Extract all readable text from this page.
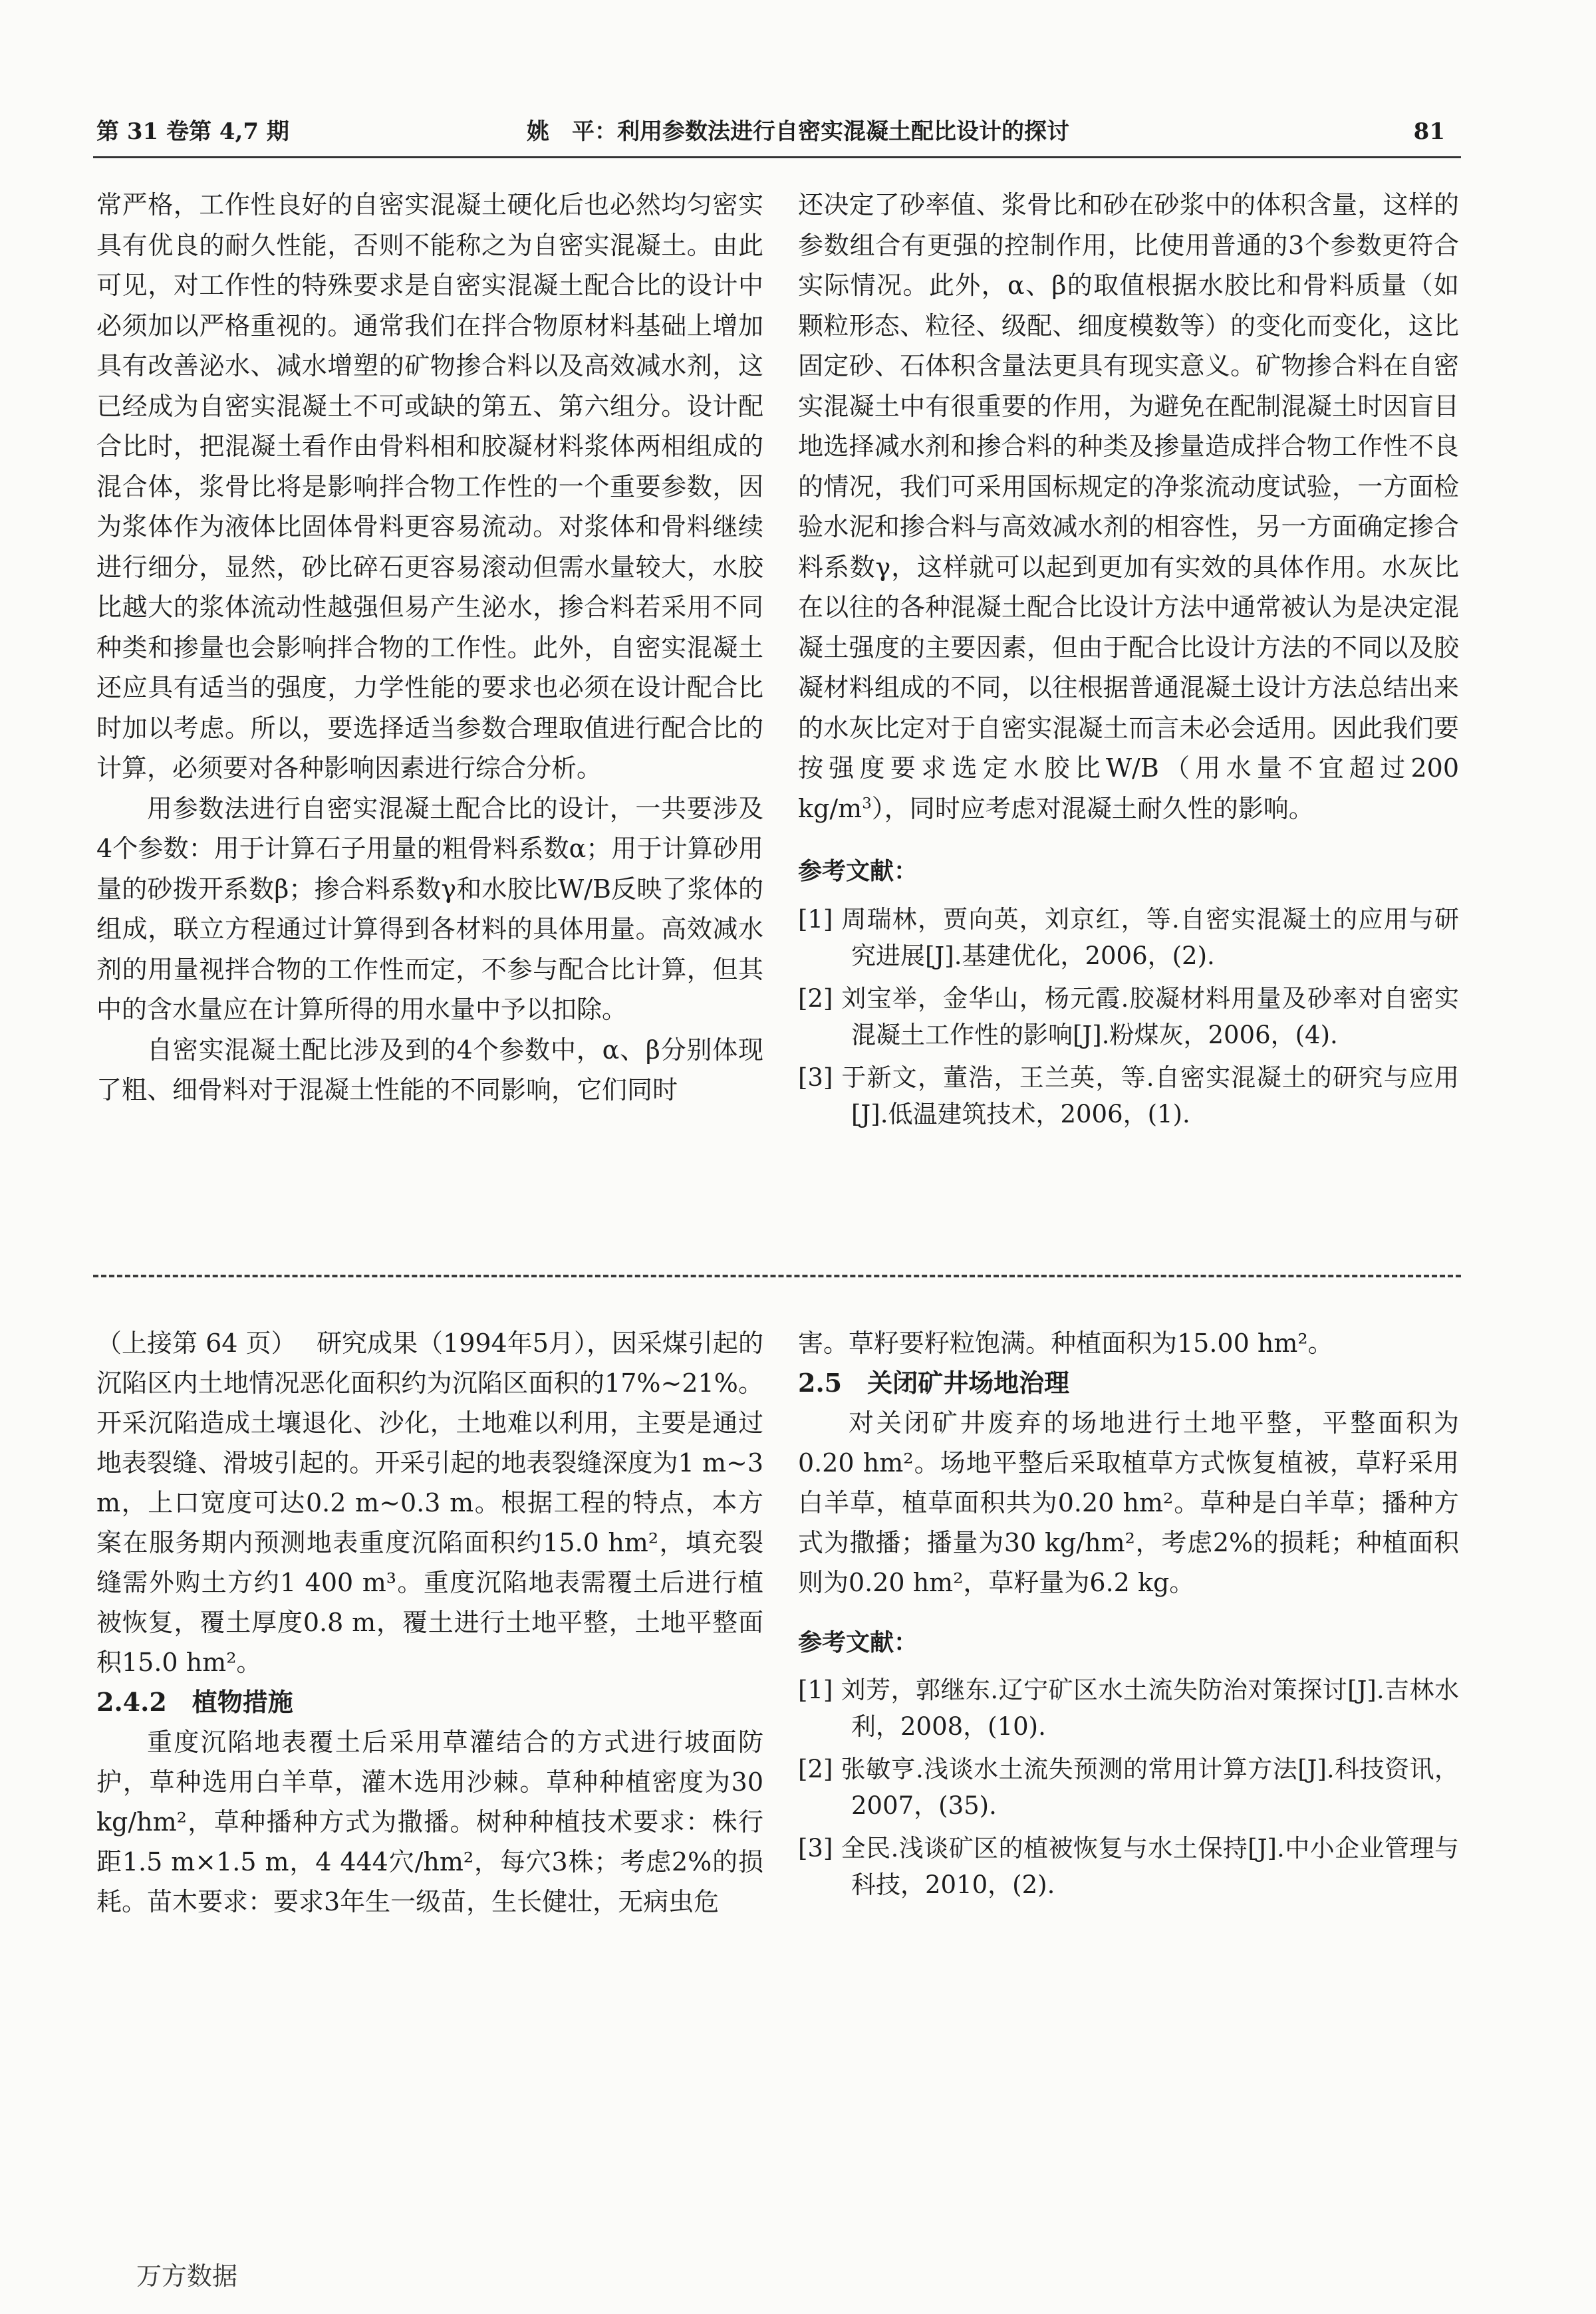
第 31 卷第 4,7 期	姚　平：利用参数法进行自密实混凝土配比设计的探讨	81

常严格，工作性良好的自密实混凝土硬化后也必然均匀密实具有优良的耐久性能，否则不能称之为自密实混凝土。由此可见，对工作性的特殊要求是自密实混凝土配合比的设计中必须加以严格重视的。通常我们在拌合物原材料基础上增加具有改善泌水、减水增塑的矿物掺合料以及高效减水剂，这已经成为自密实混凝土不可或缺的第五、第六组分。设计配合比时，把混凝土看作由骨料相和胶凝材料浆体两相组成的混合体，浆骨比将是影响拌合物工作性的一个重要参数，因为浆体作为液体比固体骨料更容易流动。对浆体和骨料继续进行细分，显然，砂比碎石更容易滚动但需水量较大，水胶比越大的浆体流动性越强但易产生泌水，掺合料若采用不同种类和掺量也会影响拌合物的工作性。此外，自密实混凝土还应具有适当的强度，力学性能的要求也必须在设计配合比时加以考虑。所以，要选择适当参数合理取值进行配合比的计算，必须要对各种影响因素进行综合分析。

用参数法进行自密实混凝土配合比的设计，一共要涉及4个参数：用于计算石子用量的粗骨料系数α；用于计算砂用量的砂拨开系数β；掺合料系数γ和水胶比W/B反映了浆体的组成，联立方程通过计算得到各材料的具体用量。高效减水剂的用量视拌合物的工作性而定，不参与配合比计算，但其中的含水量应在计算所得的用水量中予以扣除。

自密实混凝土配比涉及到的4个参数中，α、β分别体现了粗、细骨料对于混凝土性能的不同影响，它们同时

还决定了砂率值、浆骨比和砂在砂浆中的体积含量，这样的参数组合有更强的控制作用，比使用普通的3个参数更符合实际情况。此外，α、β的取值根据水胶比和骨料质量（如颗粒形态、粒径、级配、细度模数等）的变化而变化，这比固定砂、石体积含量法更具有现实意义。矿物掺合料在自密实混凝土中有很重要的作用，为避免在配制混凝土时因盲目地选择减水剂和掺合料的种类及掺量造成拌合物工作性不良的情况，我们可采用国标规定的净浆流动度试验，一方面检验水泥和掺合料与高效减水剂的相容性，另一方面确定掺合料系数γ，这样就可以起到更加有实效的具体作用。水灰比在以往的各种混凝土配合比设计方法中通常被认为是决定混凝土强度的主要因素，但由于配合比设计方法的不同以及胶凝材料组成的不同，以往根据普通混凝土设计方法总结出来的水灰比定对于自密实混凝土而言未必会适用。因此我们要按强度要求选定水胶比W/B（用水量不宜超过200 $kg/m^3$），同时应考虑对混凝土耐久性的影响。

参考文献：

[1] 周瑞林，贾向英，刘京红，等.自密实混凝土的应用与研究进展[J].基建优化，2006，(2).

[2] 刘宝举，金华山，杨元霞.胶凝材料用量及砂率对自密实混凝土工作性的影响[J].粉煤灰，2006，(4).

[3] 于新文，董浩，王兰英，等.自密实混凝土的研究与应用[J].低温建筑技术，2006，(1).

（上接第 64 页） 研究成果（1994年5月），因采煤引起的沉陷区内土地情况恶化面积约为沉陷区面积的17%~21%。开采沉陷造成土壤退化、沙化，土地难以利用，主要是通过地表裂缝、滑坡引起的。开采引起的地表裂缝深度为1 m~3 m，上口宽度可达0.2 m~0.3 m。根据工程的特点，本方案在服务期内预测地表重度沉陷面积约15.0 hm²，填充裂缝需外购土方约1 400 m³。重度沉陷地表需覆土后进行植被恢复，覆土厚度0.8 m，覆土进行土地平整，土地平整面积15.0 hm²。

2.4.2　植物措施

重度沉陷地表覆土后采用草灌结合的方式进行坡面防护，草种选用白羊草，灌木选用沙棘。草种种植密度为30 kg/hm²，草种播种方式为撒播。树种种植技术要求：株行距1.5 m×1.5 m，4 444穴/hm²，每穴3株；考虑2%的损耗。苗木要求：要求3年生一级苗，生长健壮，无病虫危

害。草籽要籽粒饱满。种植面积为15.00 hm²。

2.5　关闭矿井场地治理

对关闭矿井废弃的场地进行土地平整，平整面积为0.20 hm²。场地平整后采取植草方式恢复植被，草籽采用白羊草，植草面积共为0.20 hm²。草种是白羊草；播种方式为撒播；播量为30 kg/hm²，考虑2%的损耗；种植面积则为0.20 hm²，草籽量为6.2 kg。

参考文献：

[1] 刘芳，郭继东.辽宁矿区水土流失防治对策探讨[J].吉林水利，2008，(10).

[2] 张敏亨.浅谈水土流失预测的常用计算方法[J].科技资讯，2007，(35).

[3] 全民.浅谈矿区的植被恢复与水土保持[J].中小企业管理与科技，2010，(2).

万方数据
